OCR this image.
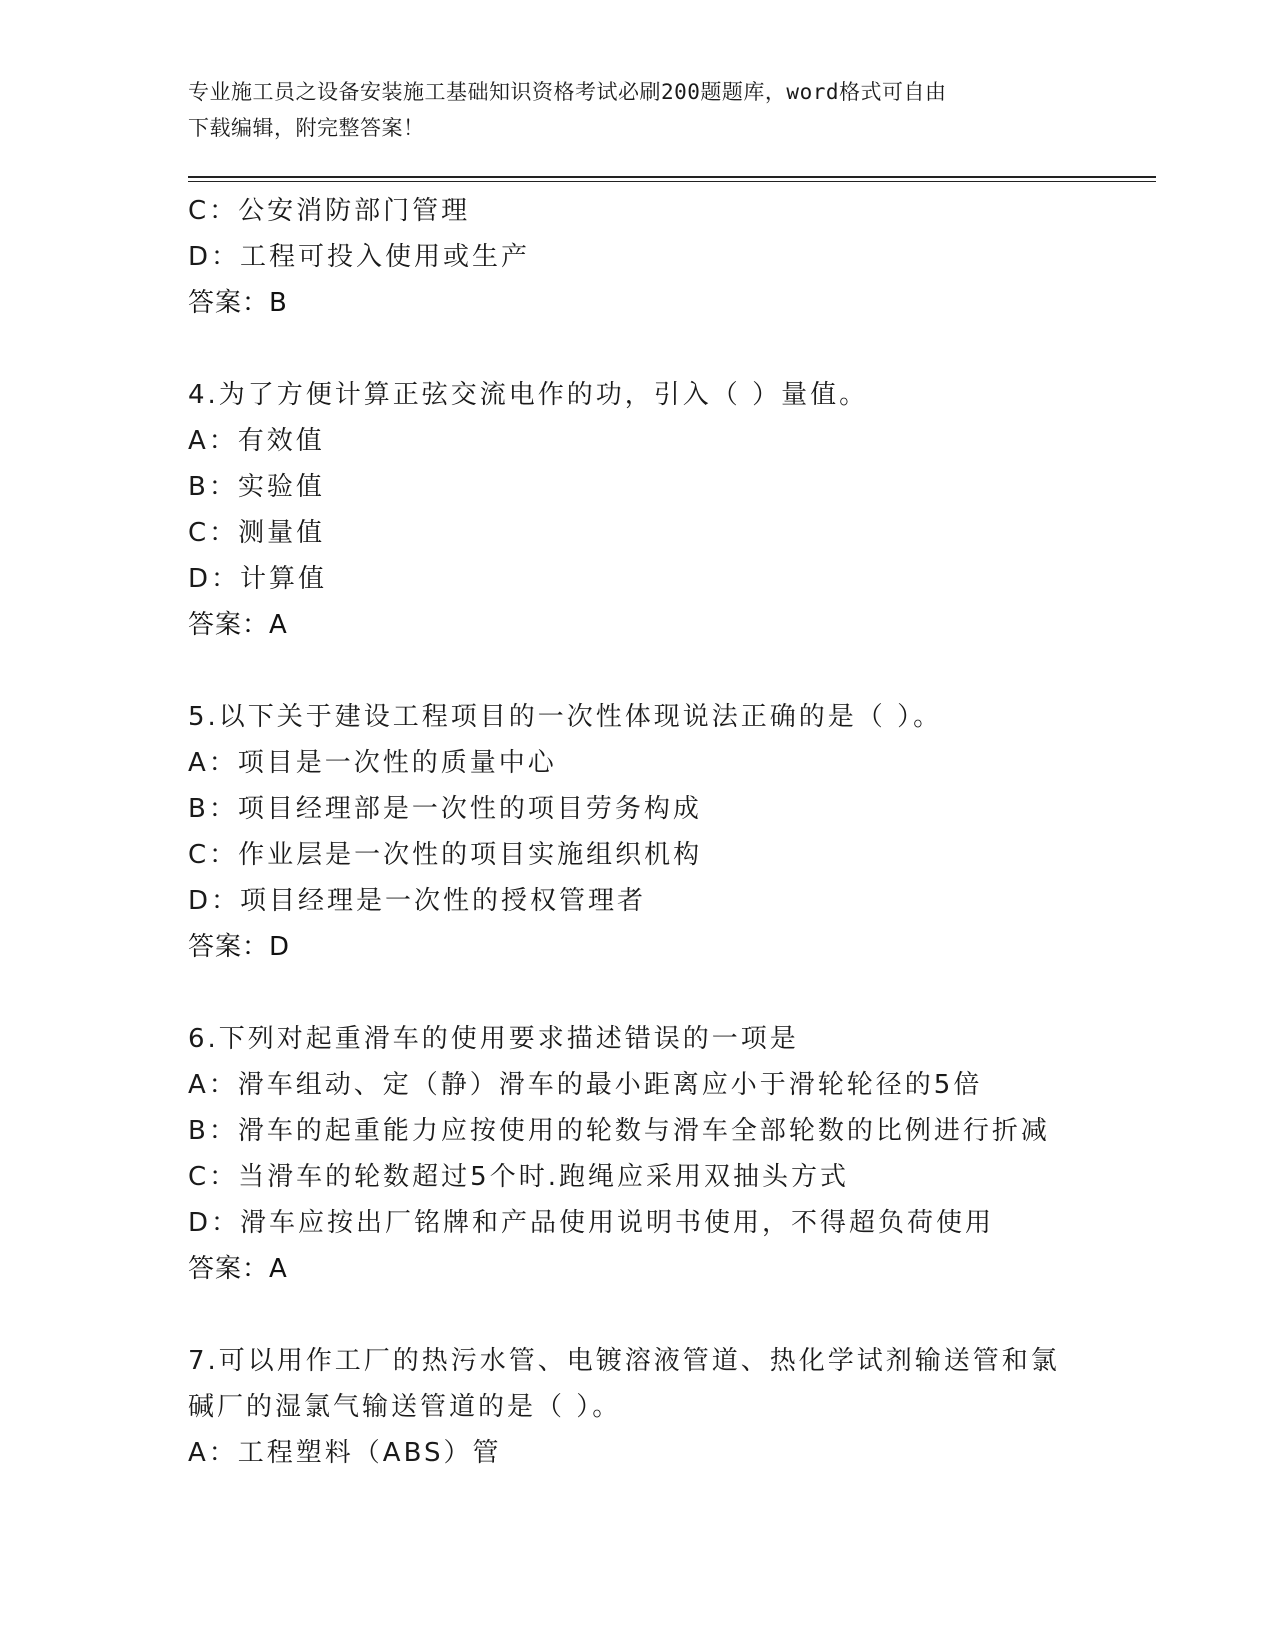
专业施工员之设备安装施工基础知识资格考试必刷200题题库，word格式可自由
下载编辑，附完整答案！
C：公安消防部门管理
D：工程可投入使用或生产
答案：B
4.为了方便计算正弦交流电作的功，引入（ ）量值。
A：有效值
B：实验值
C：测量值
D：计算值
答案：A
5.以下关于建设工程项目的一次性体现说法正确的是（ ）。
A：项目是一次性的质量中心
B：项目经理部是一次性的项目劳务构成
C：作业层是一次性的项目实施组织机构
D：项目经理是一次性的授权管理者
答案：D
6.下列对起重滑车的使用要求描述错误的一项是
A：滑车组动、定（静）滑车的最小距离应小于滑轮轮径的5倍
B：滑车的起重能力应按使用的轮数与滑车全部轮数的比例进行折减
C：当滑车的轮数超过5个时.跑绳应采用双抽头方式
D：滑车应按出厂铭牌和产品使用说明书使用，不得超负荷使用
答案：A
7.可以用作工厂的热污水管、电镀溶液管道、热化学试剂输送管和氯
碱厂的湿氯气输送管道的是（ ）。
A：工程塑料（ABS）管
